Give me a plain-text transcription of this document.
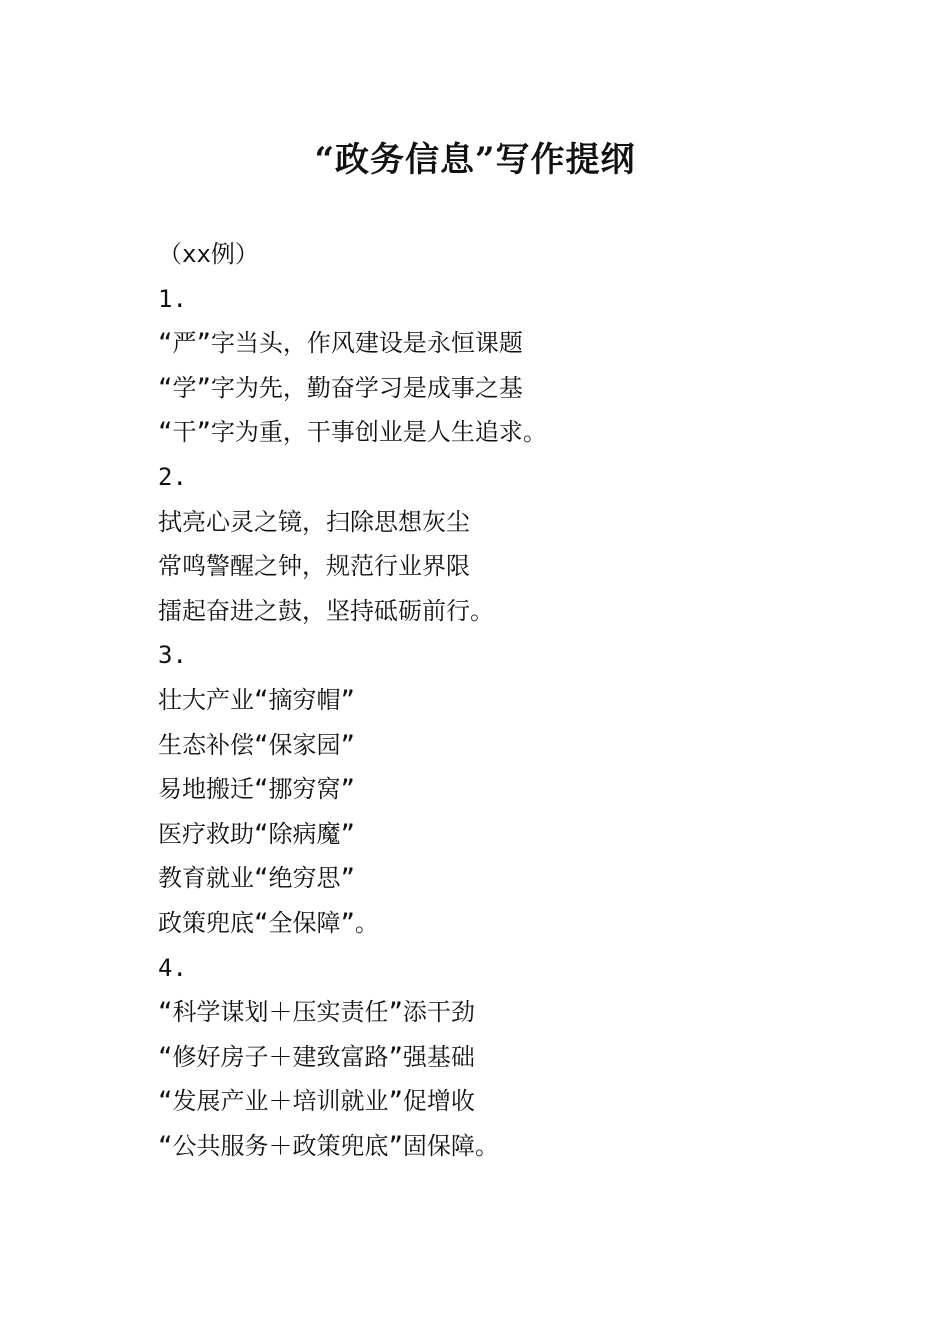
“政务信息”写作提纲
（xx例）
1.
“严”字当头，作风建设是永恒课题
“学”字为先，勤奋学习是成事之基
“干”字为重，干事创业是人生追求。
2.
拭亮心灵之镜，扫除思想灰尘
常鸣警醒之钟，规范行业界限
擂起奋进之鼓，坚持砥砺前行。
3.
壮大产业“摘穷帽”
生态补偿“保家园”
易地搬迁“挪穷窝”
医疗救助“除病魔”
教育就业“绝穷思”
政策兜底“全保障”。
4.
“科学谋划＋压实责任”添干劲
“修好房子＋建致富路”强基础
“发展产业＋培训就业”促增收
“公共服务＋政策兜底”固保障。
